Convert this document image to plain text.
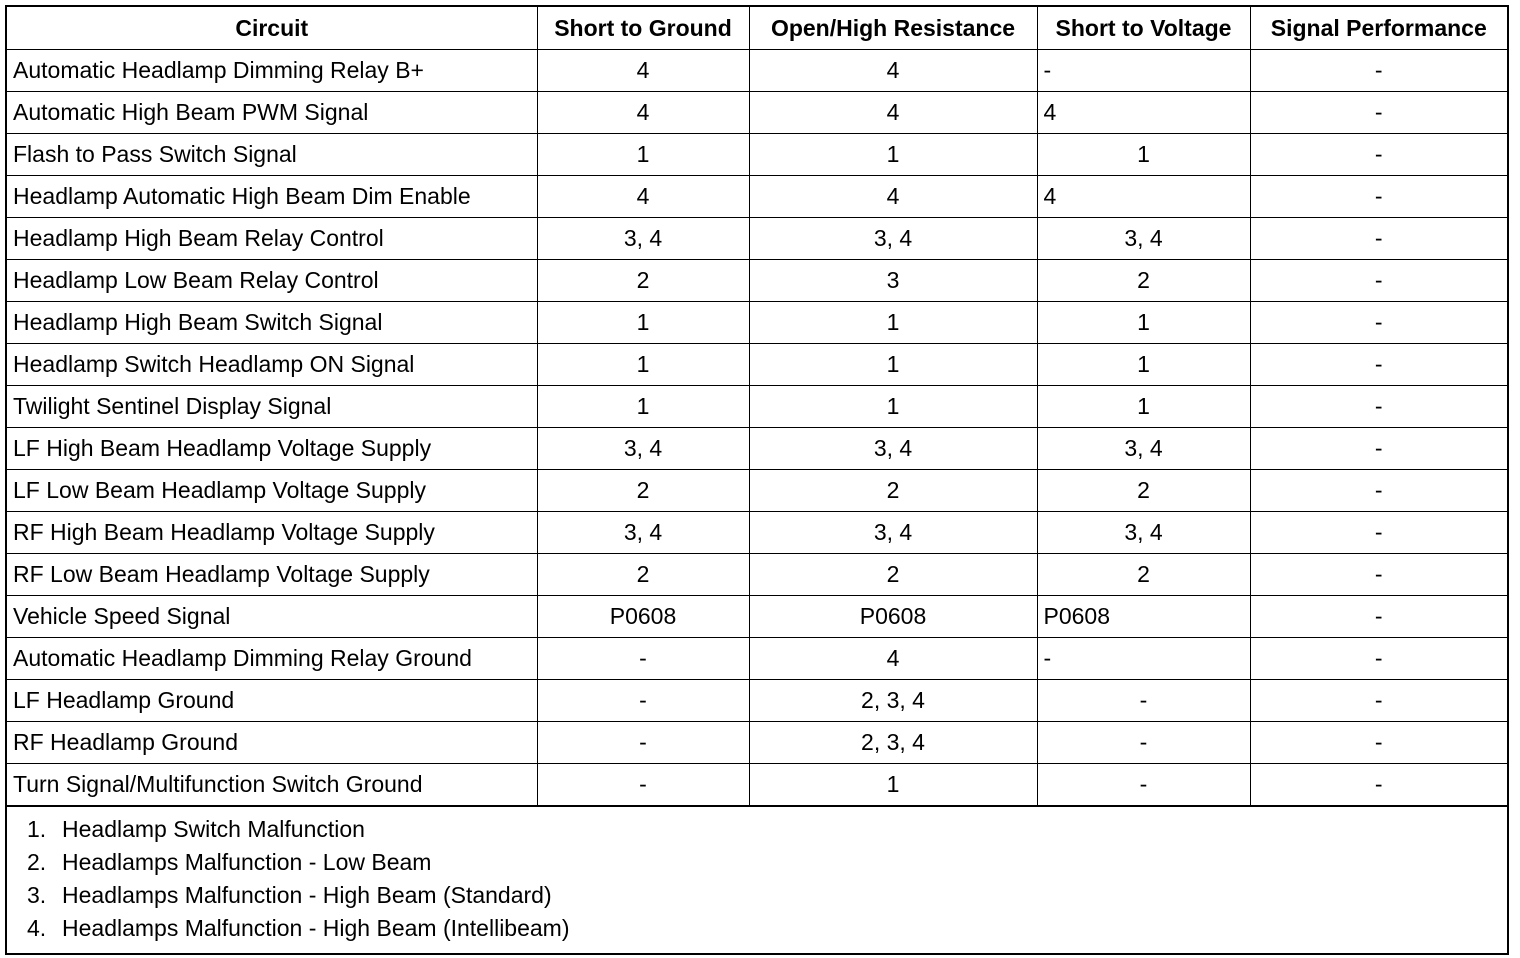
Circuit	Short to Ground	Open/High Resistance	Short to Voltage	Signal Performance
Automatic Headlamp Dimming Relay B+	4	4	-	-
Automatic High Beam PWM Signal	4	4	4	-
Flash to Pass Switch Signal	1	1	1	-
Headlamp Automatic High Beam Dim Enable	4	4	4	-
Headlamp High Beam Relay Control	3, 4	3, 4	3, 4	-
Headlamp Low Beam Relay Control	2	3	2	-
Headlamp High Beam Switch Signal	1	1	1	-
Headlamp Switch Headlamp ON Signal	1	1	1	-
Twilight Sentinel Display Signal	1	1	1	-
LF High Beam Headlamp Voltage Supply	3, 4	3, 4	3, 4	-
LF Low Beam Headlamp Voltage Supply	2	2	2	-
RF High Beam Headlamp Voltage Supply	3, 4	3, 4	3, 4	-
RF Low Beam Headlamp Voltage Supply	2	2	2	-
Vehicle Speed Signal	P0608	P0608	P0608	-
Automatic Headlamp Dimming Relay Ground	-	4	-	-
LF Headlamp Ground	-	2, 3, 4	-	-
RF Headlamp Ground	-	2, 3, 4	-	-
Turn Signal/Multifunction Switch Ground	-	1	-	-
1. Headlamp Switch Malfunction
2. Headlamps Malfunction - Low Beam
3. Headlamps Malfunction - High Beam (Standard)
4. Headlamps Malfunction - High Beam (Intellibeam)
